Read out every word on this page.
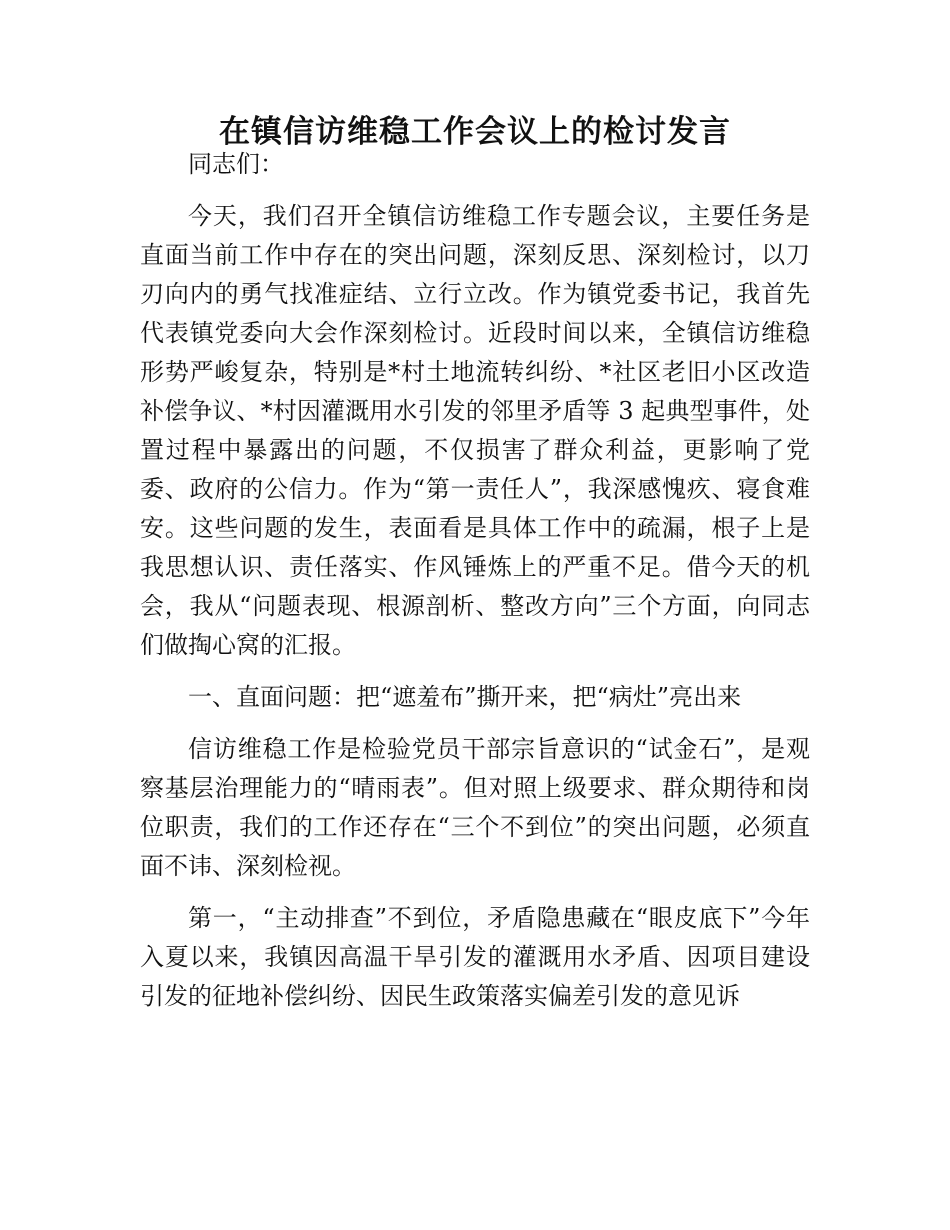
在镇信访维稳工作会议上的检讨发言

同志们：

今天，我们召开全镇信访维稳工作专题会议，主要任务是直面当前工作中存在的突出问题，深刻反思、深刻检讨，以刀刃向内的勇气找准症结、立行立改。作为镇党委书记，我首先代表镇党委向大会作深刻检讨。近段时间以来，全镇信访维稳形势严峻复杂，特别是*村土地流转纠纷、*社区老旧小区改造补偿争议、*村因灌溉用水引发的邻里矛盾等 3 起典型事件，处置过程中暴露出的问题，不仅损害了群众利益，更影响了党委、政府的公信力。作为“第一责任人”，我深感愧疚、寝食难安。这些问题的发生，表面看是具体工作中的疏漏，根子上是我思想认识、责任落实、作风锤炼上的严重不足。借今天的机会，我从“问题表现、根源剖析、整改方向”三个方面，向同志们做掏心窝的汇报。

一、直面问题：把“遮羞布”撕开来，把“病灶”亮出来

信访维稳工作是检验党员干部宗旨意识的“试金石”，是观察基层治理能力的“晴雨表”。但对照上级要求、群众期待和岗位职责，我们的工作还存在“三个不到位”的突出问题，必须直面不讳、深刻检视。

第一，“主动排查”不到位，矛盾隐患藏在“眼皮底下”今年入夏以来，我镇因高温干旱引发的灌溉用水矛盾、因项目建设引发的征地补偿纠纷、因民生政策落实偏差引发的意见诉
